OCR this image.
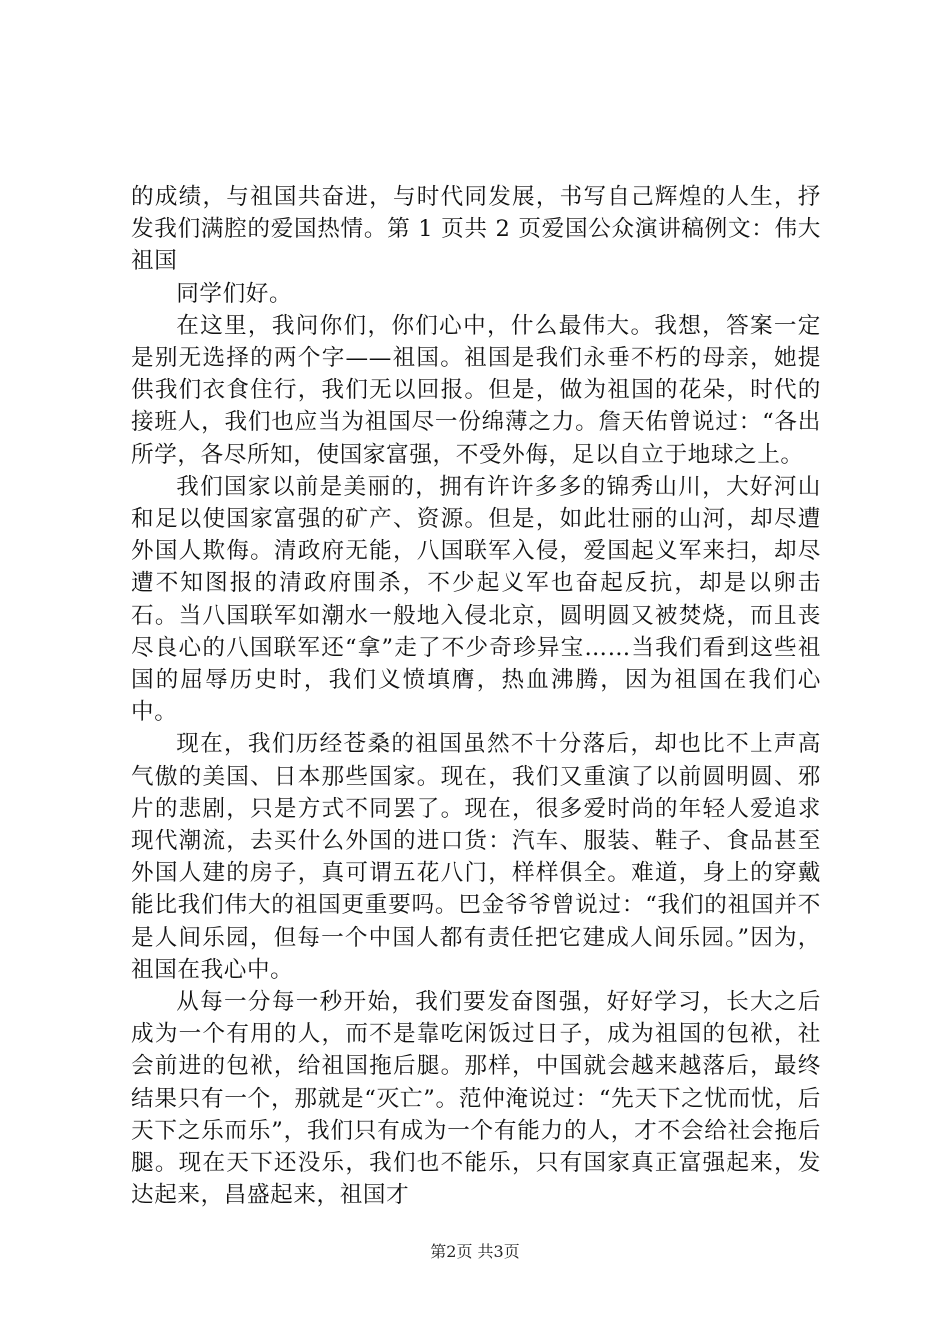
的成绩，与祖国共奋进，与时代同发展，书写自己辉煌的人生，抒发我们满腔的爱国热情。第 1 页共 2 页爱国公众演讲稿例文：伟大祖国

同学们好。

在这里，我问你们，你们心中，什么最伟大。我想，答案一定是别无选择的两个字——祖国。祖国是我们永垂不朽的母亲，她提供我们衣食住行，我们无以回报。但是，做为祖国的花朵，时代的接班人，我们也应当为祖国尽一份绵薄之力。詹天佑曾说过：“各出所学，各尽所知，使国家富强，不受外侮，足以自立于地球之上。

我们国家以前是美丽的，拥有许许多多的锦秀山川，大好河山和足以使国家富强的矿产、资源。但是，如此壮丽的山河，却尽遭外国人欺侮。清政府无能，八国联军入侵，爱国起义军来扫，却尽遭不知图报的清政府围杀，不少起义军也奋起反抗，却是以卵击石。当八国联军如潮水一般地入侵北京，圆明圆又被焚烧，而且丧尽良心的八国联军还“拿”走了不少奇珍异宝……当我们看到这些祖国的屈辱历史时，我们义愤填膺，热血沸腾，因为祖国在我们心中。

现在，我们历经苍桑的祖国虽然不十分落后，却也比不上声高气傲的美国、日本那些国家。现在，我们又重演了以前圆明圆、邪片的悲剧，只是方式不同罢了。现在，很多爱时尚的年轻人爱追求现代潮流，去买什么外国的进口货：汽车、服装、鞋子、食品甚至外国人建的房子，真可谓五花八门，样样俱全。难道，身上的穿戴能比我们伟大的祖国更重要吗。巴金爷爷曾说过：“我们的祖国并不是人间乐园，但每一个中国人都有责任把它建成人间乐园。”因为，祖国在我心中。

从每一分每一秒开始，我们要发奋图强，好好学习，长大之后成为一个有用的人，而不是靠吃闲饭过日子，成为祖国的包袱，社会前进的包袱，给祖国拖后腿。那样，中国就会越来越落后，最终结果只有一个，那就是“灭亡”。范仲淹说过：“先天下之忧而忧，后天下之乐而乐”，我们只有成为一个有能力的人，才不会给社会拖后腿。现在天下还没乐，我们也不能乐，只有国家真正富强起来，发达起来，昌盛起来，祖国才

第2页 共3页
